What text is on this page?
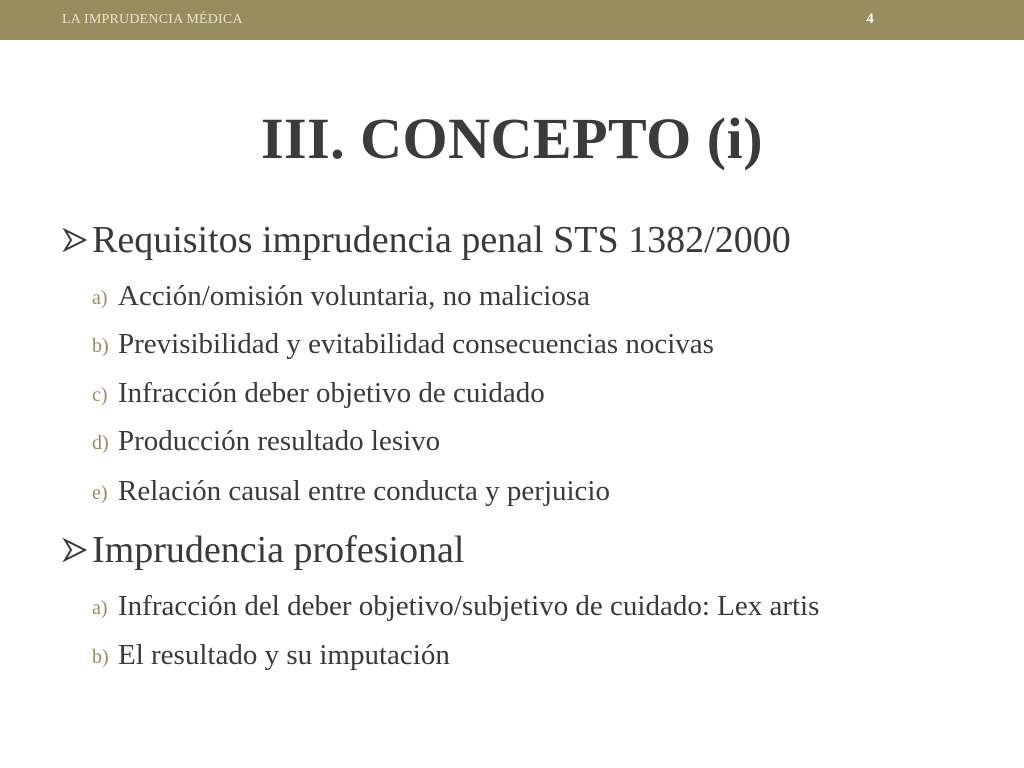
LA IMPRUDENCIA MÉDICA	4
III. CONCEPTO (i)
Requisitos imprudencia penal STS 1382/2000
a) Acción/omisión voluntaria, no maliciosa
b) Previsibilidad y evitabilidad consecuencias nocivas
c) Infracción deber objetivo de cuidado
d) Producción resultado lesivo
e) Relación causal entre conducta y perjuicio
Imprudencia profesional
a) Infracción del deber objetivo/subjetivo de cuidado: Lex artis
b) El resultado y su imputación
